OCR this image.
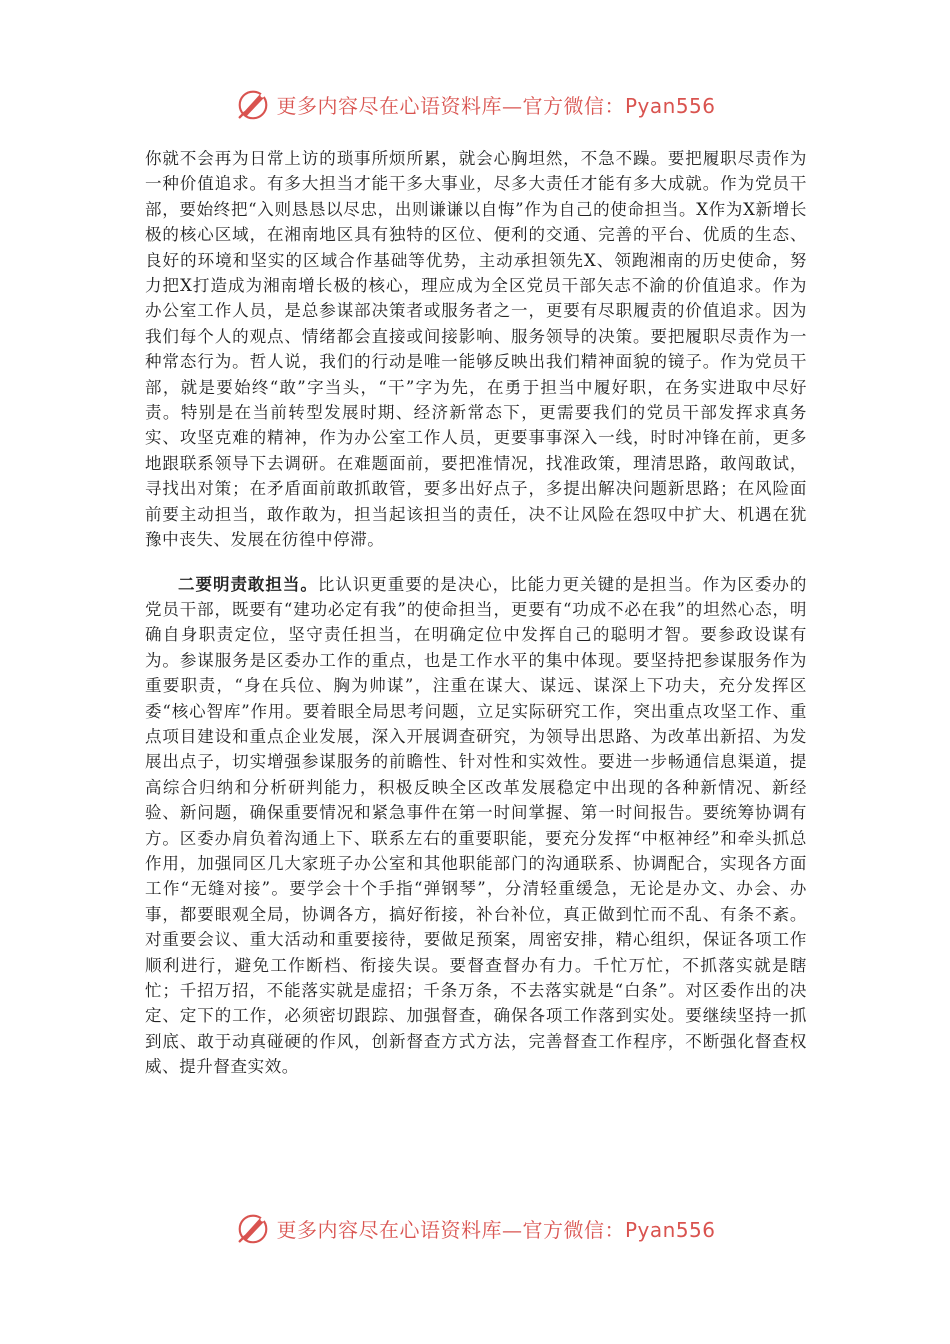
更多内容尽在心语资料库—官方微信：Pyan556

你就不会再为日常上访的琐事所烦所累，就会心胸坦然，不急不躁。要把履职尽责作为一种价值追求。有多大担当才能干多大事业，尽多大责任才能有多大成就。作为党员干部，要始终把“入则恳恳以尽忠，出则谦谦以自悔”作为自己的使命担当。X作为X新增长极的核心区域，在湘南地区具有独特的区位、便利的交通、完善的平台、优质的生态、良好的环境和坚实的区域合作基础等优势，主动承担领先X、领跑湘南的历史使命，努力把X打造成为湘南增长极的核心，理应成为全区党员干部矢志不渝的价值追求。作为办公室工作人员，是总参谋部决策者或服务者之一，更要有尽职履责的价值追求。因为我们每个人的观点、情绪都会直接或间接影响、服务领导的决策。要把履职尽责作为一种常态行为。哲人说，我们的行动是唯一能够反映出我们精神面貌的镜子。作为党员干部，就是要始终“敢”字当头，“干”字为先，在勇于担当中履好职，在务实进取中尽好责。特别是在当前转型发展时期、经济新常态下，更需要我们的党员干部发挥求真务实、攻坚克难的精神，作为办公室工作人员，更要事事深入一线，时时冲锋在前，更多地跟联系领导下去调研。在难题面前，要把准情况，找准政策，理清思路，敢闯敢试，寻找出对策；在矛盾面前敢抓敢管，要多出好点子，多提出解决问题新思路；在风险面前要主动担当，敢作敢为，担当起该担当的责任，决不让风险在怨叹中扩大、机遇在犹豫中丧失、发展在彷徨中停滞。

二要明责敢担当。比认识更重要的是决心，比能力更关键的是担当。作为区委办的党员干部，既要有“建功必定有我”的使命担当，更要有“功成不必在我”的坦然心态，明确自身职责定位，坚守责任担当，在明确定位中发挥自己的聪明才智。要参政设谋有为。参谋服务是区委办工作的重点，也是工作水平的集中体现。要坚持把参谋服务作为重要职责，“身在兵位、胸为帅谋”，注重在谋大、谋远、谋深上下功夫，充分发挥区委“核心智库”作用。要着眼全局思考问题，立足实际研究工作，突出重点攻坚工作、重点项目建设和重点企业发展，深入开展调查研究，为领导出思路、为改革出新招、为发展出点子，切实增强参谋服务的前瞻性、针对性和实效性。要进一步畅通信息渠道，提高综合归纳和分析研判能力，积极反映全区改革发展稳定中出现的各种新情况、新经验、新问题，确保重要情况和紧急事件在第一时间掌握、第一时间报告。要统筹协调有方。区委办肩负着沟通上下、联系左右的重要职能，要充分发挥“中枢神经”和牵头抓总作用，加强同区几大家班子办公室和其他职能部门的沟通联系、协调配合，实现各方面工作“无缝对接”。要学会十个手指“弹钢琴”，分清轻重缓急，无论是办文、办会、办事，都要眼观全局，协调各方，搞好衔接，补台补位，真正做到忙而不乱、有条不紊。对重要会议、重大活动和重要接待，要做足预案，周密安排，精心组织，保证各项工作顺利进行，避免工作断档、衔接失误。要督查督办有力。千忙万忙，不抓落实就是瞎忙；千招万招，不能落实就是虚招；千条万条，不去落实就是“白条”。对区委作出的决定、定下的工作，必须密切跟踪、加强督查，确保各项工作落到实处。要继续坚持一抓到底、敢于动真碰硬的作风，创新督查方式方法，完善督查工作程序，不断强化督查权威、提升督查实效。

更多内容尽在心语资料库—官方微信：Pyan556
